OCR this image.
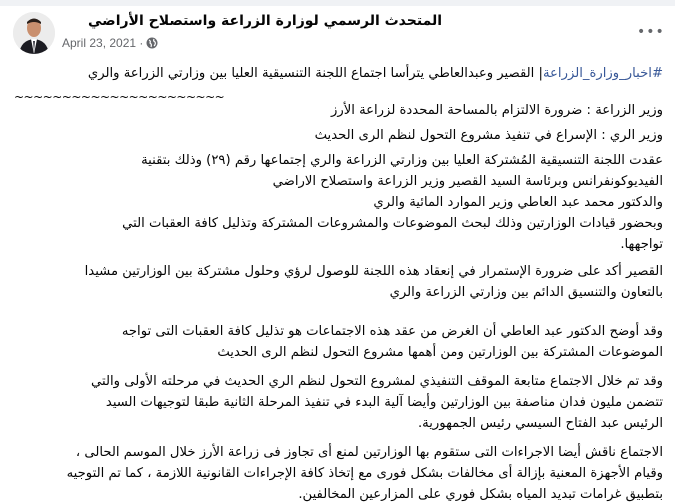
المتحدث الرسمي لوزارة الزراعة واستصلاح الأراضي
April 23, 2021 ·
•••
#اخبار_وزارة_الزراعة| القصير وعبدالعاطي يترأسا اجتماع اللجنة التنسيقية العليا بين وزارتي الزراعة والري
~~~~~~~~~~~~~~~~~~~~~~
وزير الزراعة : ضرورة الالتزام بالمساحة المحددة لزراعة الأرز
وزير الري : الإسراع في تنفيذ مشروع التحول لنظم الرى الحديث
عقدت اللجنة التنسيقية المُشتركة العليا بين وزارتي الزراعة والري إجتماعها رقم (٢٩) وذلك بتقنية
الفيديوكونفرانس وبرئاسة السيد القصير وزير الزراعة واستصلاح الاراضي
والدكتور محمد عبد العاطي وزير الموارد المائية والري
وبحضور قيادات الوزارتين وذلك لبحث الموضوعات والمشروعات المشتركة وتذليل كافة العقبات التي
تواجهها.
القصير أكد على ضرورة الإستمرار في إنعقاد هذه اللجنة للوصول لرؤي وحلول مشتركة بين الوزارتين مشيدا
بالتعاون والتنسيق الدائم بين وزارتي الزراعة والري
وقد أوضح الدكتور عبد العاطي أن الغرض من عقد هذه الاجتماعات هو تذليل كافة العقبات التى تواجه
الموضوعات المشتركة بين الوزارتين ومن أهمها مشروع التحول لنظم الرى الحديث
وقد تم خلال الاجتماع متابعة الموقف التنفيذي لمشروع التحول لنظم الري الحديث في مرحلته الأولى والتي
تتضمن مليون فدان مناصفة بين الوزارتين وأيضا آلية البدء في تنفيذ المرحلة الثانية طبقا لتوجيهات السيد
الرئيس عبد الفتاح السيسي رئيس الجمهورية.
الاجتماع ناقش أيضا الاجراءات التى ستقوم بها الوزارتين لمنع أى تجاوز فى زراعة الأرز خلال الموسم الحالى ،
وقيام الأجهزة المعنية بإزالة أى مخالفات بشكل فورى مع إتخاذ كافة الإجراءات القانونية اللازمة ، كما تم التوجيه
بتطبيق غرامات تبديد المياه بشكل فوري على المزارعين المخالفين.
